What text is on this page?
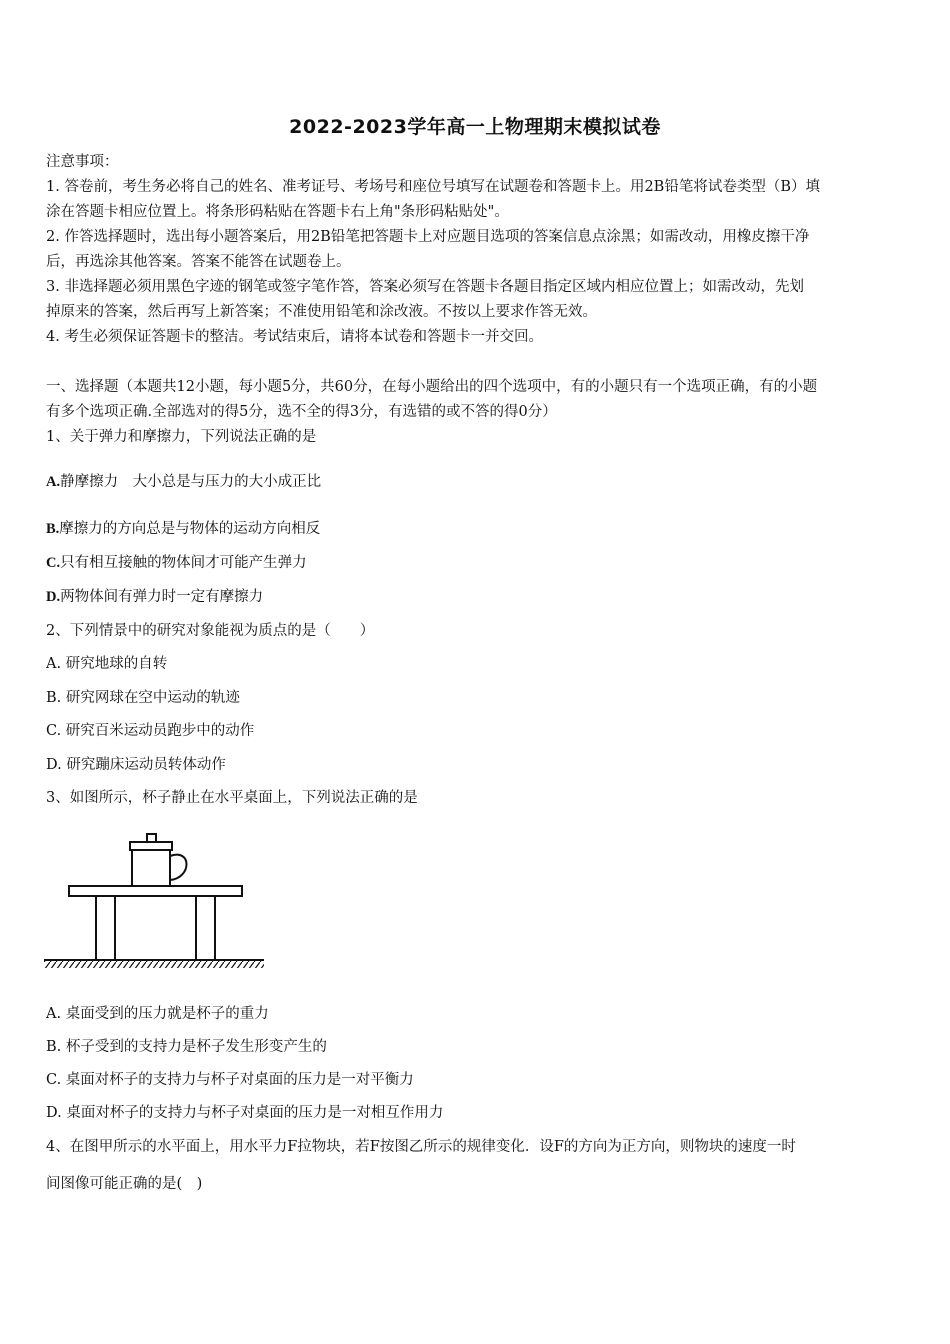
2022-2023学年高一上物理期末模拟试卷
注意事项：
1. 答卷前，考生务必将自己的姓名、准考证号、考场号和座位号填写在试题卷和答题卡上。用2B铅笔将试卷类型（B）填
涂在答题卡相应位置上。将条形码粘贴在答题卡右上角"条形码粘贴处"。
2. 作答选择题时，选出每小题答案后，用2B铅笔把答题卡上对应题目选项的答案信息点涂黑；如需改动，用橡皮擦干净
后，再选涂其他答案。答案不能答在试题卷上。
3. 非选择题必须用黑色字迹的钢笔或签字笔作答，答案必须写在答题卡各题目指定区域内相应位置上；如需改动，先划
掉原来的答案，然后再写上新答案；不准使用铅笔和涂改液。不按以上要求作答无效。
4. 考生必须保证答题卡的整洁。考试结束后，请将本试卷和答题卡一并交回。
一、选择题（本题共12小题，每小题5分，共60分，在每小题给出的四个选项中，有的小题只有一个选项正确，有的小题
有多个选项正确.全部选对的得5分，选不全的得3分，有选错的或不答的得0分）
1、关于弹力和摩擦力，下列说法正确的是
A.静摩擦力　大小总是与压力的大小成正比
B.摩擦力的方向总是与物体的运动方向相反
C.只有相互接触的物体间才可能产生弹力
D.两物体间有弹力时一定有摩擦力
2、下列情景中的研究对象能视为质点的是（　　）
A. 研究地球的自转
B. 研究网球在空中运动的轨迹
C. 研究百米运动员跑步中的动作
D. 研究蹦床运动员转体动作
3、如图所示，杯子静止在水平桌面上，下列说法正确的是
A. 桌面受到的压力就是杯子的重力
B. 杯子受到的支持力是杯子发生形变产生的
C. 桌面对杯子的支持力与杯子对桌面的压力是一对平衡力
D. 桌面对杯子的支持力与杯子对桌面的压力是一对相互作用力
4、在图甲所示的水平面上，用水平力F拉物块，若F按图乙所示的规律变化．设F的方向为正方向，则物块的速度一时
间图像可能正确的是(　)
